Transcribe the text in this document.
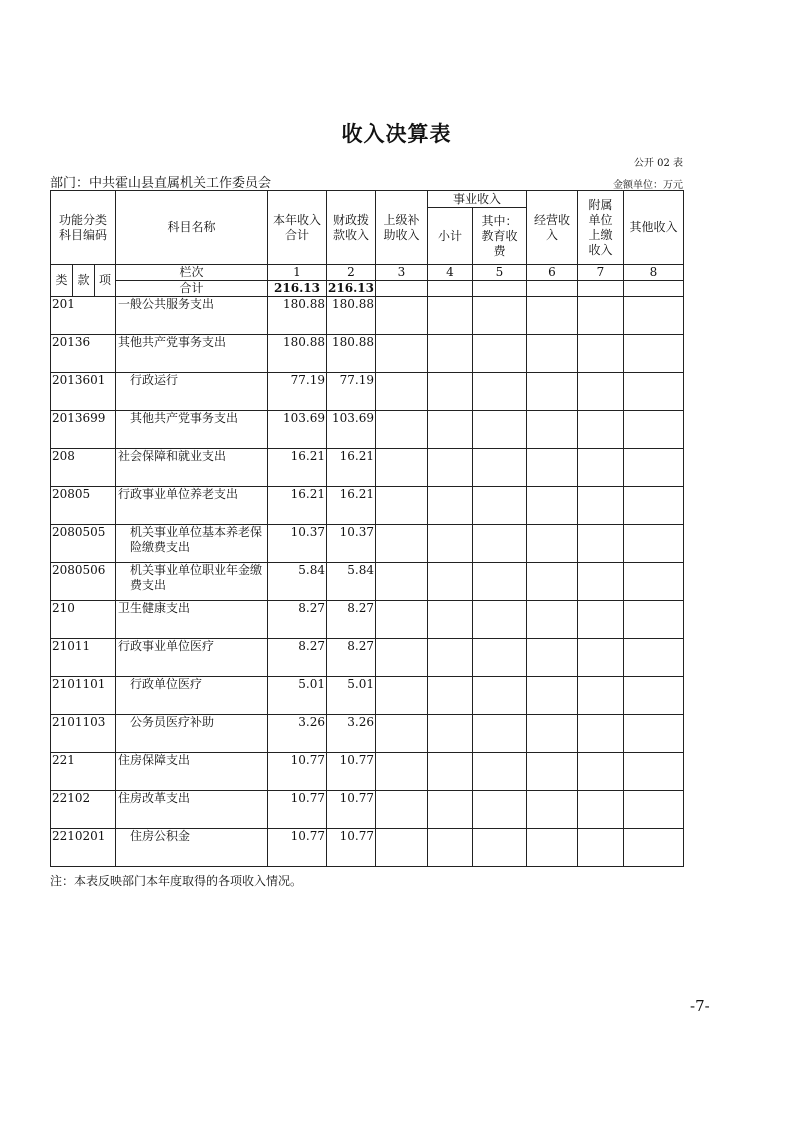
收入决算表
公开 02 表
部门：中共霍山县直属机关工作委员会	金额单位：万元
功能分类科目编码			科目名称	本年收入合计	财政拨款收入	上级补助收入	事业收入		经营收入	附属单位上缴收入	其他收入
							小计	其中：教育收费			
类	款	项	栏次	1	2	3	4	5	6	7	8
			合计	216.13	216.13						
201			一般公共服务支出	180.88	180.88						
20136			其他共产党事务支出	180.88	180.88						
2013601			行政运行	77.19	77.19						
2013699			其他共产党事务支出	103.69	103.69						
208			社会保障和就业支出	16.21	16.21						
20805			行政事业单位养老支出	16.21	16.21						
2080505			机关事业单位基本养老保险缴费支出	10.37	10.37						
2080506			机关事业单位职业年金缴费支出	5.84	5.84						
210			卫生健康支出	8.27	8.27						
21011			行政事业单位医疗	8.27	8.27						
2101101			行政单位医疗	5.01	5.01						
2101103			公务员医疗补助	3.26	3.26						
221			住房保障支出	10.77	10.77						
22102			住房改革支出	10.77	10.77						
2210201			住房公积金	10.77	10.77						
注：本表反映部门本年度取得的各项收入情况。
-7-
